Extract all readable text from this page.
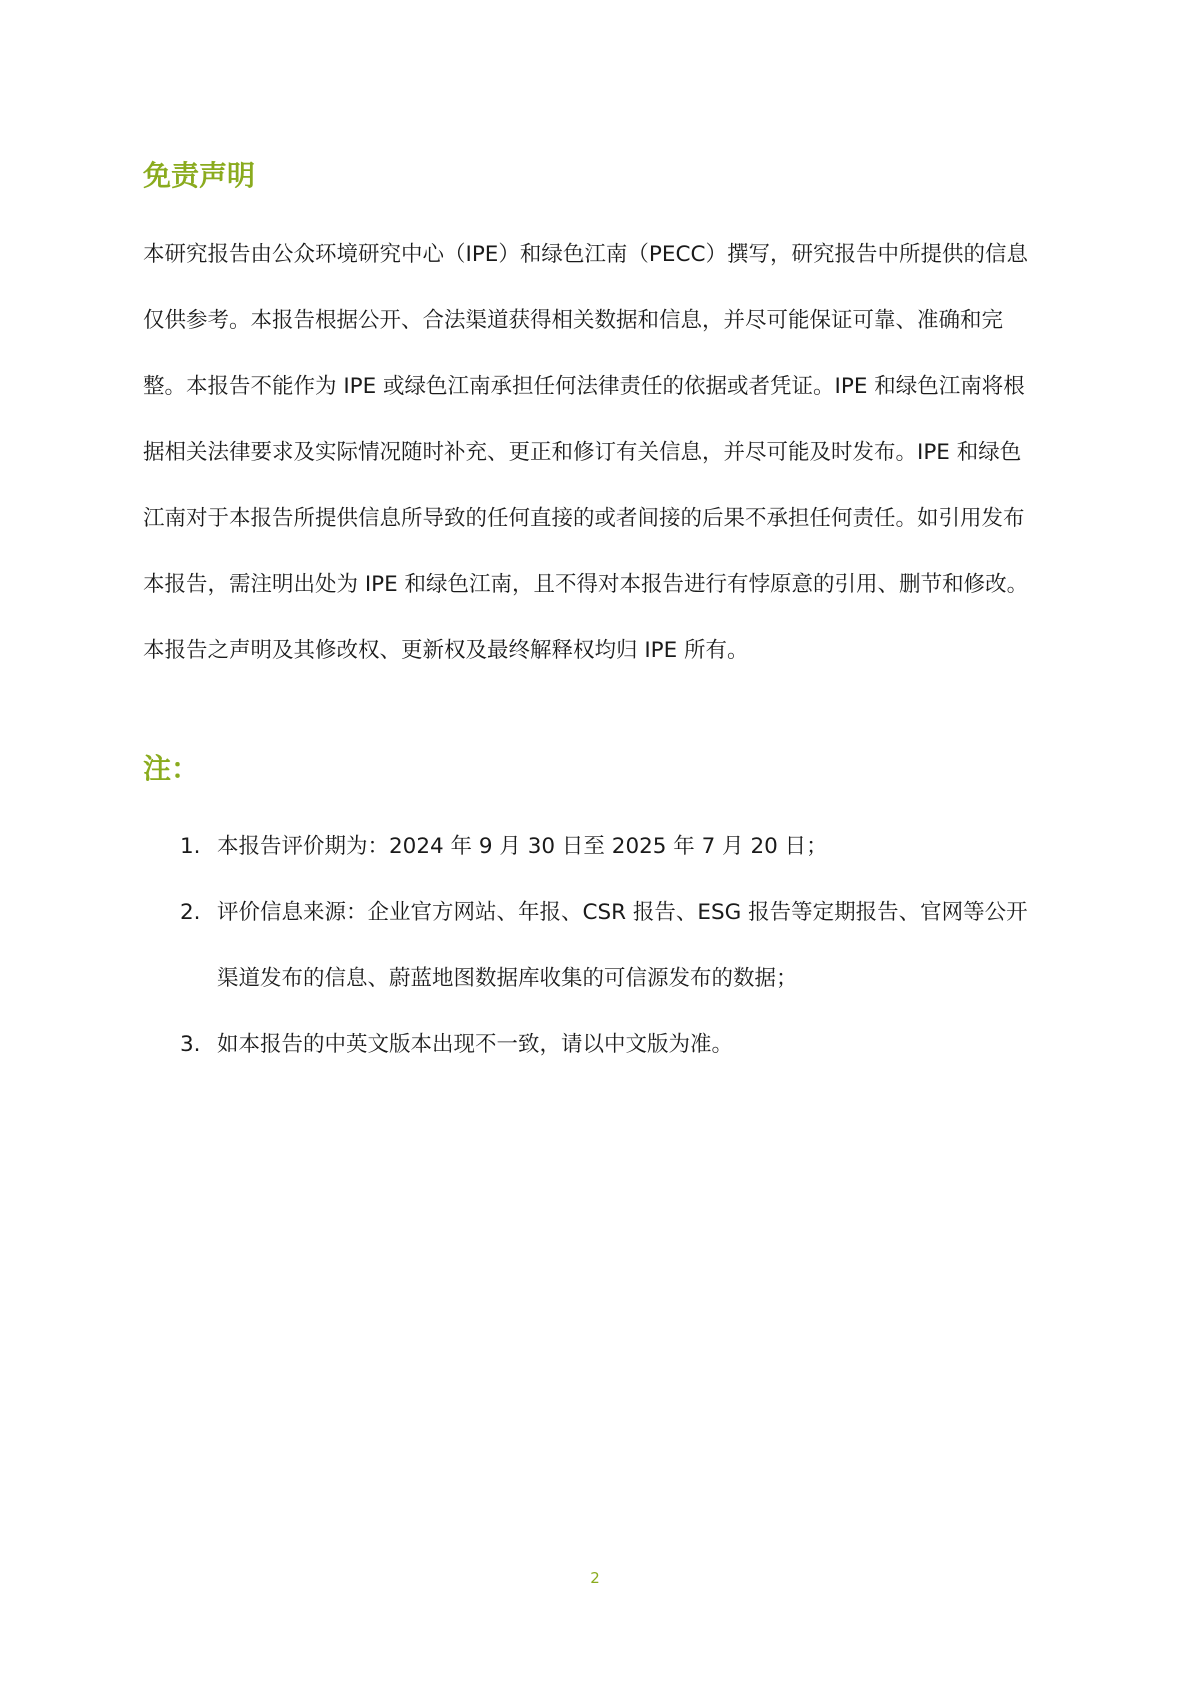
免责声明

本研究报告由公众环境研究中心（IPE）和绿色江南（PECC）撰写，研究报告中所提供的信息
仅供参考。本报告根据公开、合法渠道获得相关数据和信息，并尽可能保证可靠、准确和完
整。本报告不能作为 IPE 或绿色江南承担任何法律责任的依据或者凭证。IPE 和绿色江南将根
据相关法律要求及实际情况随时补充、更正和修订有关信息，并尽可能及时发布。IPE 和绿色
江南对于本报告所提供信息所导致的任何直接的或者间接的后果不承担任何责任。如引用发布
本报告，需注明出处为 IPE 和绿色江南，且不得对本报告进行有悖原意的引用、删节和修改。
本报告之声明及其修改权、更新权及最终解释权均归 IPE 所有。

注：
1. 本报告评价期为：2024 年 9 月 30 日至 2025 年 7 月 20 日；
2. 评价信息来源：企业官方网站、年报、CSR 报告、ESG 报告等定期报告、官网等公开
渠道发布的信息、蔚蓝地图数据库收集的可信源发布的数据；
3. 如本报告的中英文版本出现不一致，请以中文版为准。
2
